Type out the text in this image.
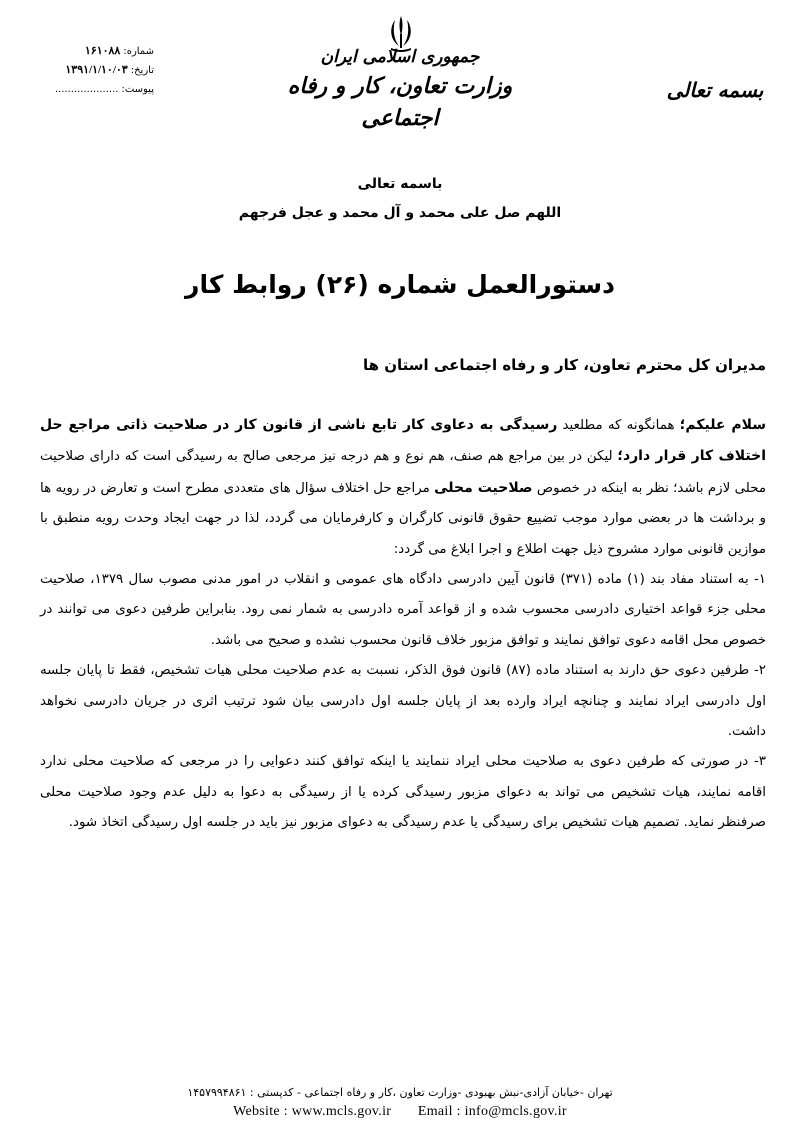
شماره:
۱۶۱۰۸۸
تاریخ:
۱۳۹۱/۱/۱۰/۰۳
پیوست:
....................
جمهوری اسلامی ایران
وزارت تعاون، کار و رفاه اجتماعی
بسمه تعالی
باسمه تعالی
اللهم صل علی محمد و آل محمد و عجل فرجهم
دستورالعمل شماره (۲۶) روابط کار
مدیران کل محترم تعاون، کار و رفاه اجتماعی استان ها

سلام علیکم؛ همانگونه که مطلعید رسیدگی به دعاوی کار تابع ناشی از قانون کار در صلاحیت ذاتی مراجع حل اختلاف کار قرار دارد؛ لیکن در بین مراجع هم صنف، هم نوع و هم درجه نیز مرجعی صالح به رسیدگی است که دارای صلاحیت محلی لازم باشد؛ نظر به اینکه در خصوص صلاحیت محلی مراجع حل اختلاف سؤال های متعددی مطرح است و تعارض در رویه ها و برداشت ها در بعضی موارد موجب تضییع حقوق قانونی کارگران و کارفرمایان می گردد، لذا در جهت ایجاد وحدت رویه منطبق با موازین قانونی موارد مشروح ذیل جهت اطلاع و اجرا ابلاغ می گردد:

۱- به استناد مفاد بند (۱) ماده (۳۷۱) قانون آیین دادرسی دادگاه های عمومی و انقلاب در امور مدنی مصوب سال ۱۳۷۹، صلاحیت محلی جزء قواعد اختیاری دادرسی محسوب شده و از قواعد آمره دادرسی به شمار نمی رود. بنابراین طرفین دعوی می توانند در خصوص محل اقامه دعوی توافق نمایند و توافق مزبور خلاف قانون محسوب نشده و صحیح می باشد.

۲- طرفین دعوی حق دارند به استناد ماده (۸۷) قانون فوق الذکر، نسبت به عدم صلاحیت محلی هیات تشخیص، فقط تا پایان جلسه اول دادرسی ایراد نمایند و چنانچه ایراد وارده بعد از پایان جلسه اول دادرسی بیان شود ترتیب اثری در جریان دادرسی نخواهد داشت.

۳- در صورتی که طرفین دعوی به صلاحیت محلی ایراد ننمایند یا اینکه توافق کنند دعوایی را در مرجعی که صلاحیت محلی ندارد اقامه نمایند، هیات تشخیص می تواند به دعوای مزبور رسیدگی کرده یا از رسیدگی به دعوا به دلیل عدم وجود صلاحیت محلی صرفنظر نماید. تصمیم هیات تشخیص برای رسیدگی یا عدم رسیدگی به دعوای مزبور نیز باید در جلسه اول رسیدگی اتخاذ شود.

تهران -خیابان آزادی-نبش بهبودی -وزارت تعاون ،کار و رفاه اجتماعی - کدپستی : ۱۴۵۷۹۹۴۸۶۱
Website : www.mcls.gov.ir Email : info@mcls.gov.ir
